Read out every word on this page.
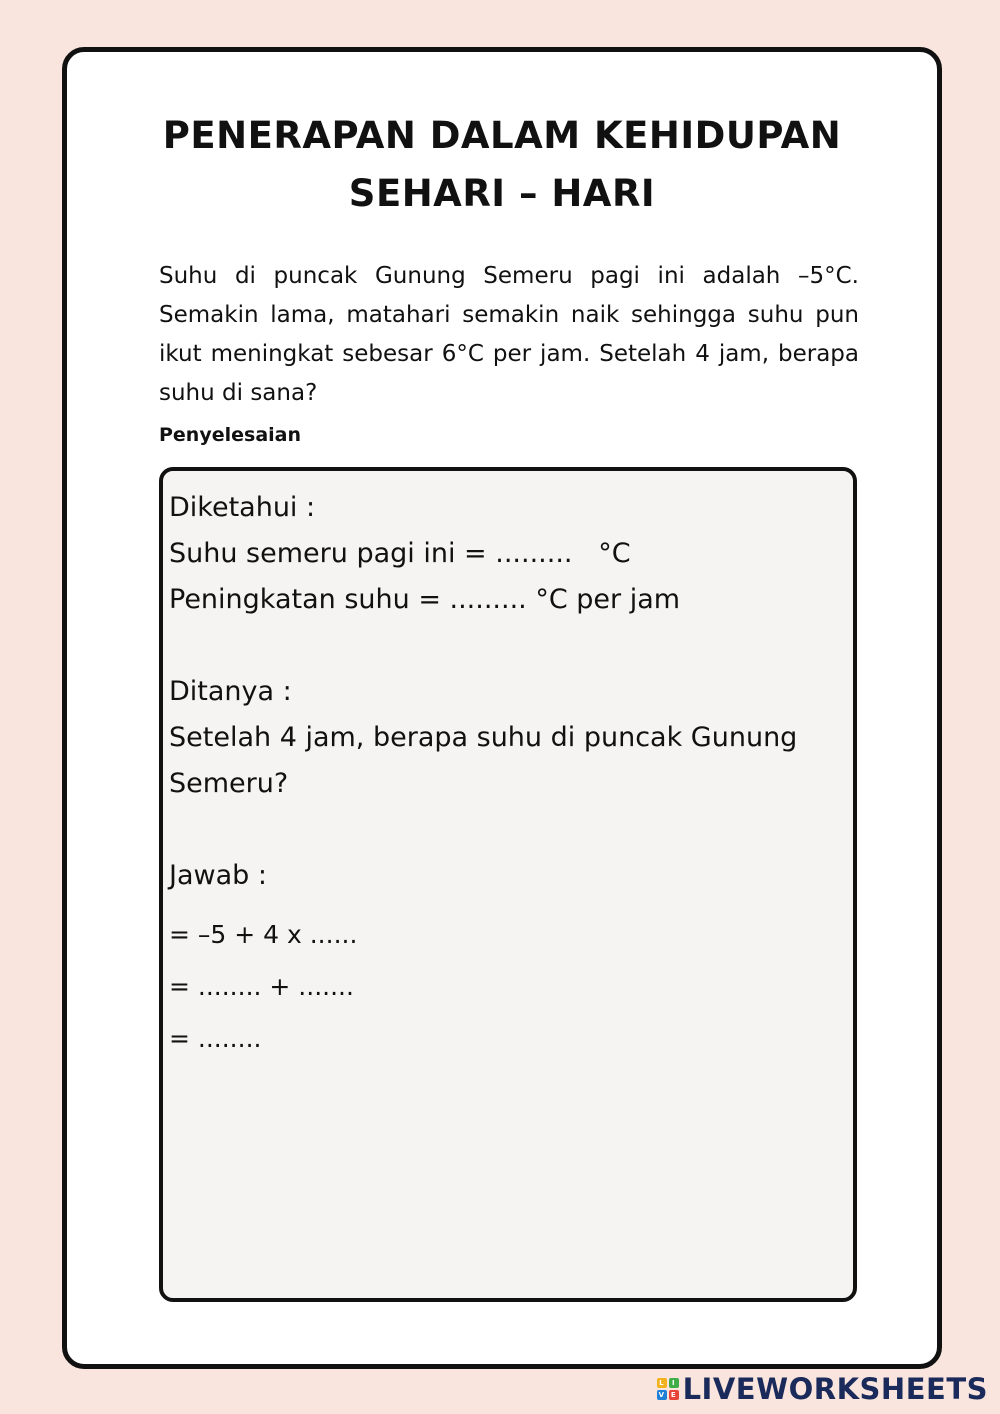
PENERAPAN DALAM KEHIDUPAN
SEHARI – HARI
Suhu di puncak Gunung Semeru pagi ini adalah –5°C. Semakin lama, matahari semakin naik sehingga suhu pun ikut meningkat sebesar 6°C per jam. Setelah 4 jam, berapa suhu di sana?
Penyelesaian
Diketahui :
Suhu semeru pagi ini = .........   °C
Peningkatan suhu = ......... °C per jam
Ditanya :
Setelah 4 jam, berapa suhu di puncak Gunung
Semeru?
Jawab :
= –5 + 4 x ......
= ........ + .......
= ........
L	I
V E LIVEWORKSHEETS
